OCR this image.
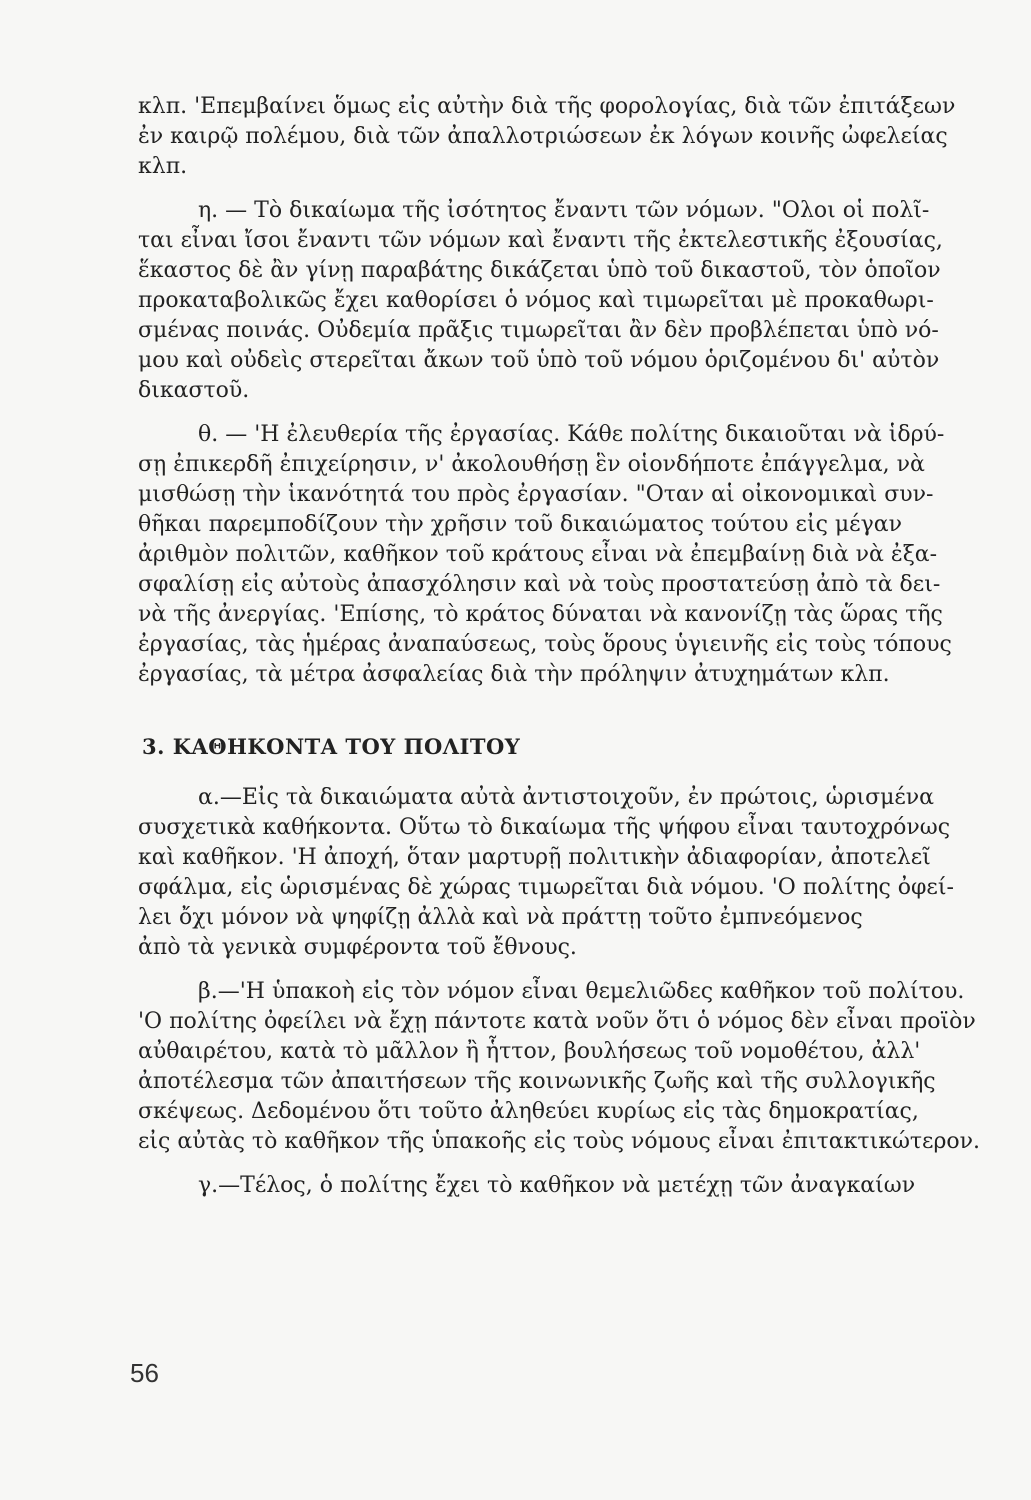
κλπ. 'Επεμβαίνει ὅμως εἰς αὐτὴν διὰ τῆς φορολογίας, διὰ τῶν ἐπιτάξεων
ἐν καιρῷ πολέμου, διὰ τῶν ἀπαλλοτριώσεων ἐκ λόγων κοινῆς ὠφελείας
κλπ.
η. — Τὸ δικαίωμα τῆς ἰσότητος ἔναντι τῶν νόμων. "Ολοι οἱ πολῖ-
ται εἶναι ἴσοι ἔναντι τῶν νόμων καὶ ἔναντι τῆς ἐκτελεστικῆς ἐξουσίας,
ἕκαστος δὲ ἂν γίνῃ παραβάτης δικάζεται ὑπὸ τοῦ δικαστοῦ, τὸν ὁποῖον
προκαταβολικῶς ἔχει καθορίσει ὁ νόμος καὶ τιμωρεῖται μὲ προκαθωρι-
σμένας ποινάς. Οὐδεμία πρᾶξις τιμωρεῖται ἂν δὲν προβλέπεται ὑπὸ νό-
μου καὶ οὐδεὶς στερεῖται ἄκων τοῦ ὑπὸ τοῦ νόμου ὁριζομένου δι' αὐτὸν
δικαστοῦ.
θ. — 'Η ἐλευθερία τῆς ἐργασίας. Κάθε πολίτης δικαιοῦται νὰ ἱδρύ-
σῃ ἐπικερδῆ ἐπιχείρησιν, ν' ἀκολουθήσῃ ἓν οἱονδήποτε ἐπάγγελμα, νὰ
μισθώσῃ τὴν ἱκανότητά του πρὸς ἐργασίαν. "Οταν αἱ οἰκονομικαὶ συν-
θῆκαι παρεμποδίζουν τὴν χρῆσιν τοῦ δικαιώματος τούτου εἰς μέγαν
ἀριθμὸν πολιτῶν, καθῆκον τοῦ κράτους εἶναι νὰ ἐπεμβαίνῃ διὰ νὰ ἐξα-
σφαλίσῃ εἰς αὐτοὺς ἀπασχόλησιν καὶ νὰ τοὺς προστατεύσῃ ἀπὸ τὰ δει-
νὰ τῆς ἀνεργίας. 'Επίσης, τὸ κράτος δύναται νὰ κανονίζῃ τὰς ὥρας τῆς
ἐργασίας, τὰς ἡμέρας ἀναπαύσεως, τοὺς ὅρους ὑγιεινῆς εἰς τοὺς τόπους
ἐργασίας, τὰ μέτρα ἀσφαλείας διὰ τὴν πρόληψιν ἀτυχημάτων κλπ.
3. ΚΑΘΗΚΟΝΤΑ ΤΟΥ ΠΟΛΙΤΟΥ
α.—Εἰς τὰ δικαιώματα αὐτὰ ἀντιστοιχοῦν, ἐν πρώτοις, ὡρισμένα
συσχετικὰ καθήκοντα. Οὕτω τὸ δικαίωμα τῆς ψήφου εἶναι ταυτοχρόνως
καὶ καθῆκον. 'Η ἀποχή, ὅταν μαρτυρῇ πολιτικὴν ἀδιαφορίαν, ἀποτελεῖ
σφάλμα, εἰς ὡρισμένας δὲ χώρας τιμωρεῖται διὰ νόμου. 'Ο πολίτης ὀφεί-
λει ὄχι μόνον νὰ ψηφίζῃ ἀλλὰ καὶ νὰ πράττῃ τοῦτο ἐμπνεόμενος
ἀπὸ τὰ γενικὰ συμφέροντα τοῦ ἔθνους.
β.—'Η ὑπακοὴ εἰς τὸν νόμον εἶναι θεμελιῶδες καθῆκον τοῦ πολίτου.
'Ο πολίτης ὀφείλει νὰ ἔχῃ πάντοτε κατὰ νοῦν ὅτι ὁ νόμος δὲν εἶναι προϊὸν
αὐθαιρέτου, κατὰ τὸ μᾶλλον ἢ ἧττον, βουλήσεως τοῦ νομοθέτου, ἀλλ'
ἀποτέλεσμα τῶν ἀπαιτήσεων τῆς κοινωνικῆς ζωῆς καὶ τῆς συλλογικῆς
σκέψεως. Δεδομένου ὅτι τοῦτο ἀληθεύει κυρίως εἰς τὰς δημοκρατίας,
εἰς αὐτὰς τὸ καθῆκον τῆς ὑπακοῆς εἰς τοὺς νόμους εἶναι ἐπιτακτικώτερον.
γ.—Τέλος, ὁ πολίτης ἔχει τὸ καθῆκον νὰ μετέχῃ τῶν ἀναγκαίων
56
